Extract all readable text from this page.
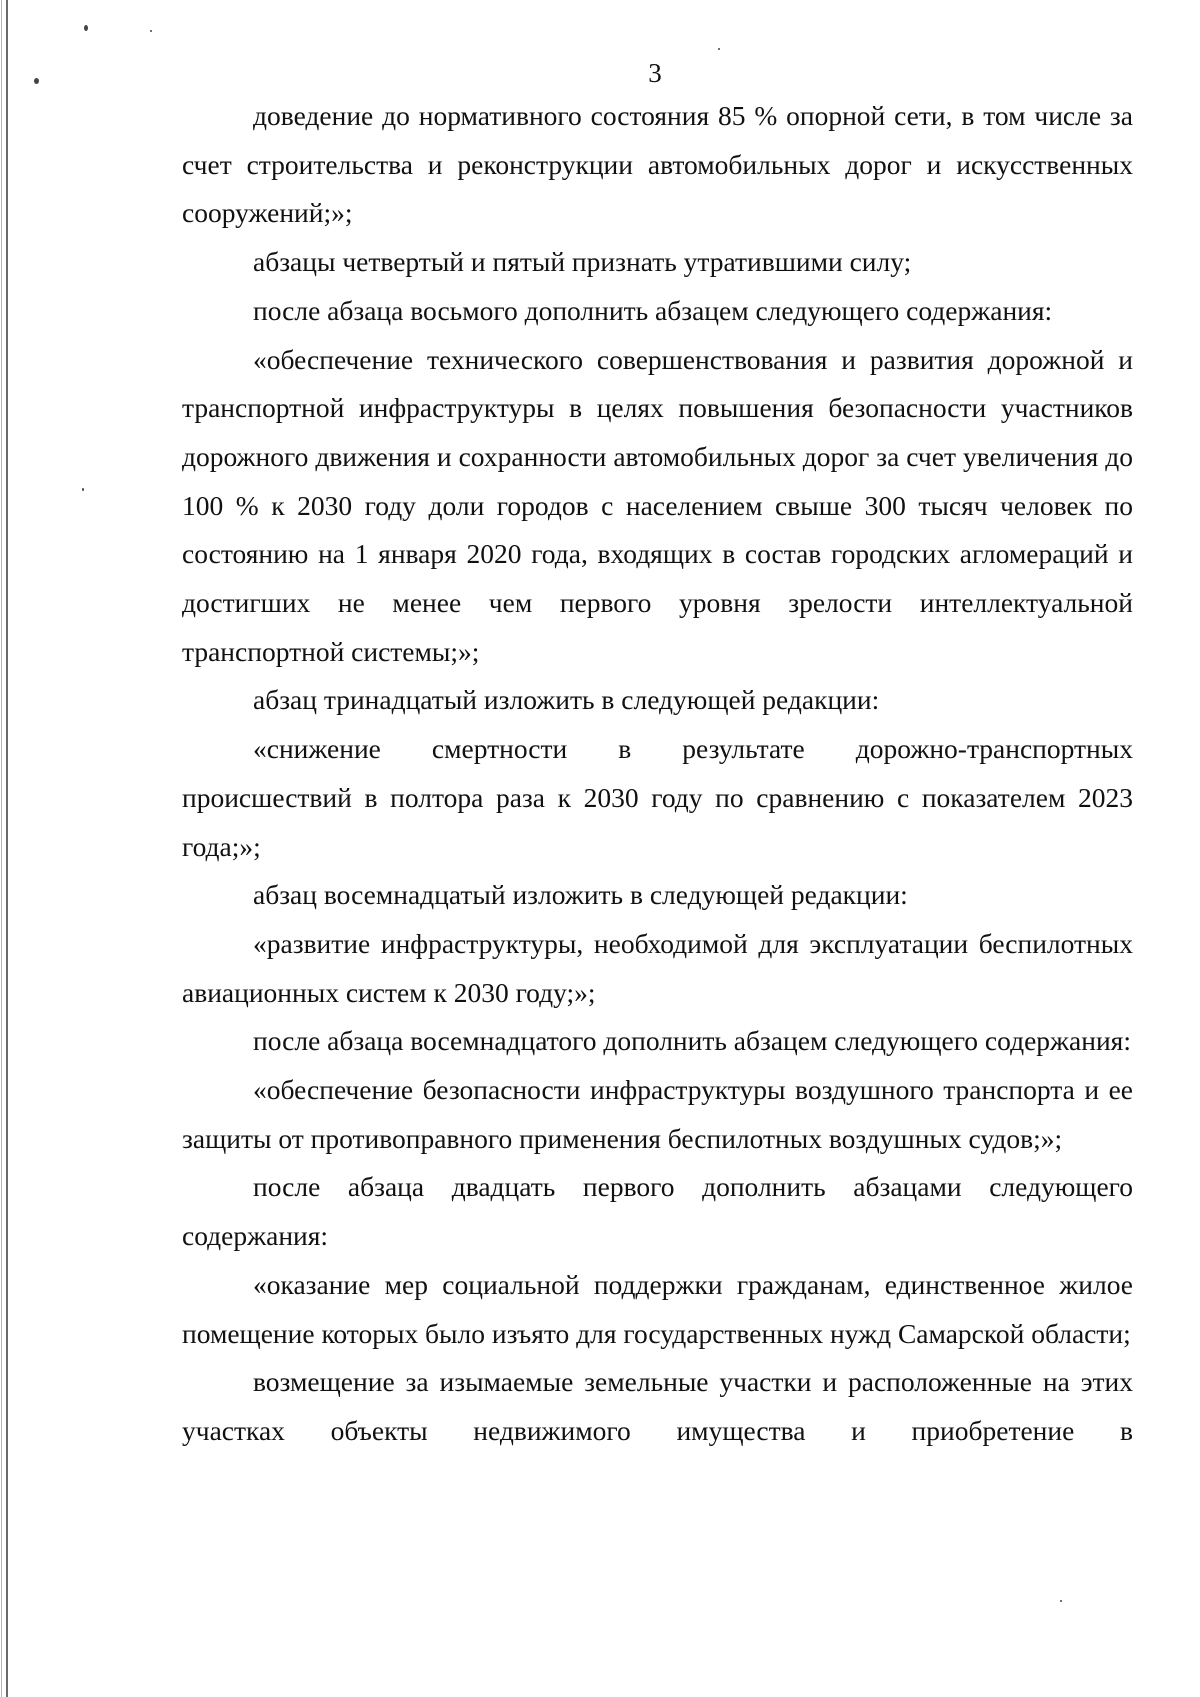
3

доведение до нормативного состояния 85 % опорной сети, в том числе за счет строительства и реконструкции автомобильных дорог и искусственных сооружений;»;

абзацы четвертый и пятый признать утратившими силу;

после абзаца восьмого дополнить абзацем следующего содержания:

«обеспечение технического совершенствования и развития дорожной и транспортной инфраструктуры в целях повышения безопасности участников дорожного движения и сохранности автомобильных дорог за счет увеличения до 100 % к 2030 году доли городов с населением свыше 300 тысяч человек по состоянию на 1 января 2020 года, входящих в состав городских агломераций и достигших не менее чем первого уровня зрелости интеллектуальной транспортной системы;»;

абзац тринадцатый изложить в следующей редакции:

«снижение смертности в результате дорожно-транспортных происшествий в полтора раза к 2030 году по сравнению с показателем 2023 года;»;

абзац восемнадцатый изложить в следующей редакции:

«развитие инфраструктуры, необходимой для эксплуатации беспилотных авиационных систем к 2030 году;»;

после абзаца восемнадцатого дополнить абзацем следующего содержания:

«обеспечение безопасности инфраструктуры воздушного транспорта и ее защиты от противоправного применения беспилотных воздушных судов;»;

после абзаца двадцать первого дополнить абзацами следующего содержания:

«оказание мер социальной поддержки гражданам, единственное жилое помещение которых было изъято для государственных нужд Самарской области;

возмещение за изымаемые земельные участки и расположенные на этих участках объекты недвижимого имущества и приобретение в
